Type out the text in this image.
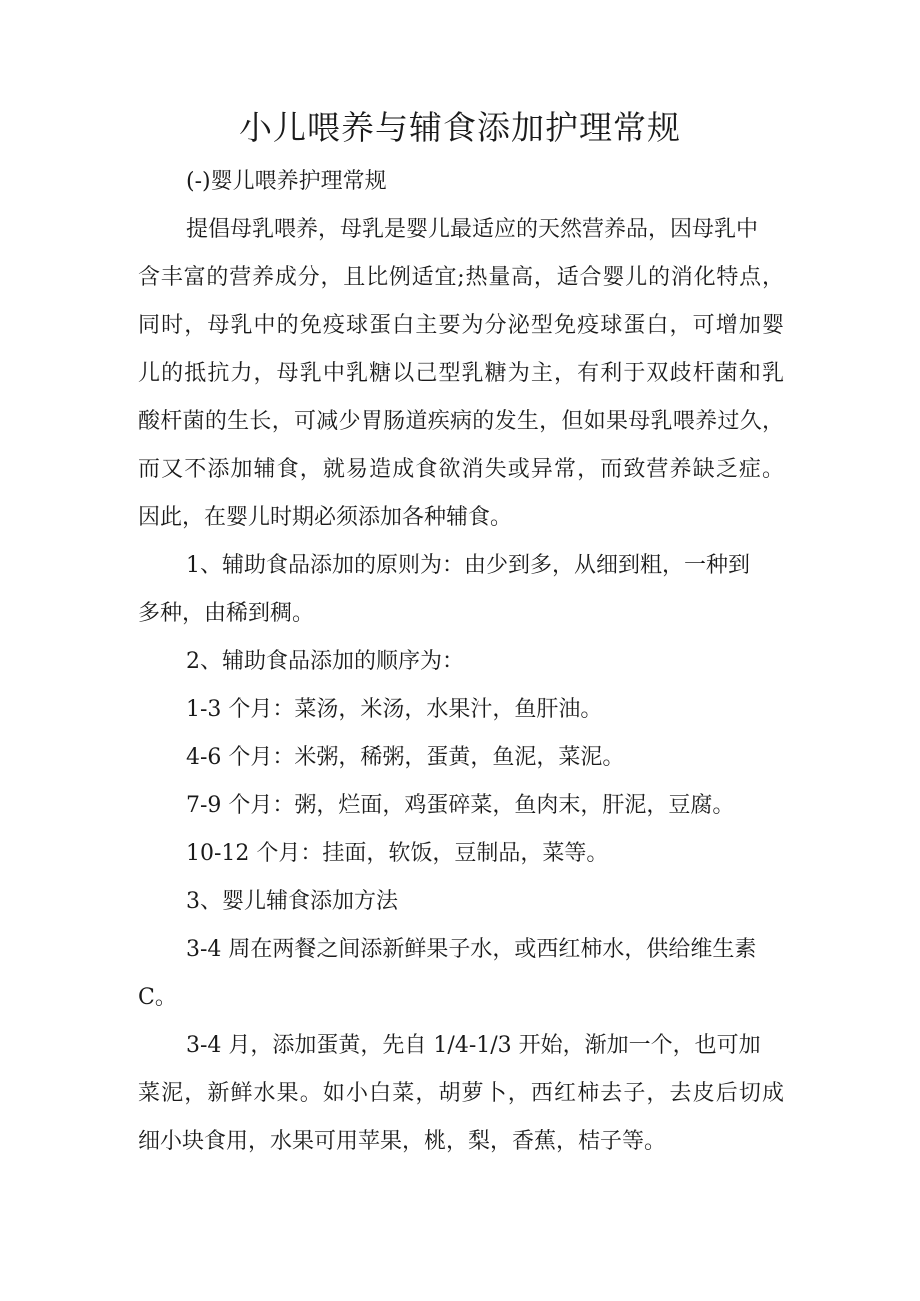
小儿喂养与辅食添加护理常规
(-)婴儿喂养护理常规
提倡母乳喂养，母乳是婴儿最适应的天然营养品，因母乳中
含丰富的营养成分，且比例适宜;热量高，适合婴儿的消化特点，
同时，母乳中的免疫球蛋白主要为分泌型免疫球蛋白，可增加婴
儿的抵抗力，母乳中乳糖以己型乳糖为主，有利于双歧杆菌和乳
酸杆菌的生长，可减少胃肠道疾病的发生，但如果母乳喂养过久，
而又不添加辅食，就易造成食欲消失或异常，而致营养缺乏症。
因此，在婴儿时期必须添加各种辅食。
1、辅助食品添加的原则为：由少到多，从细到粗，一种到
多种，由稀到稠。
2、辅助食品添加的顺序为：
1-3 个月：菜汤，米汤，水果汁，鱼肝油。
4-6 个月：米粥，稀粥，蛋黄，鱼泥，菜泥。
7-9 个月：粥，烂面，鸡蛋碎菜，鱼肉末，肝泥，豆腐。
10-12 个月：挂面，软饭，豆制品，菜等。
3、婴儿辅食添加方法
3-4 周在两餐之间添新鲜果子水，或西红柿水，供给维生素
C。
3-4 月，添加蛋黄，先自 1/4-1/3 开始，渐加一个，也可加
菜泥，新鲜水果。如小白菜，胡萝卜，西红柿去子，去皮后切成
细小块食用，水果可用苹果，桃，梨，香蕉，桔子等。
